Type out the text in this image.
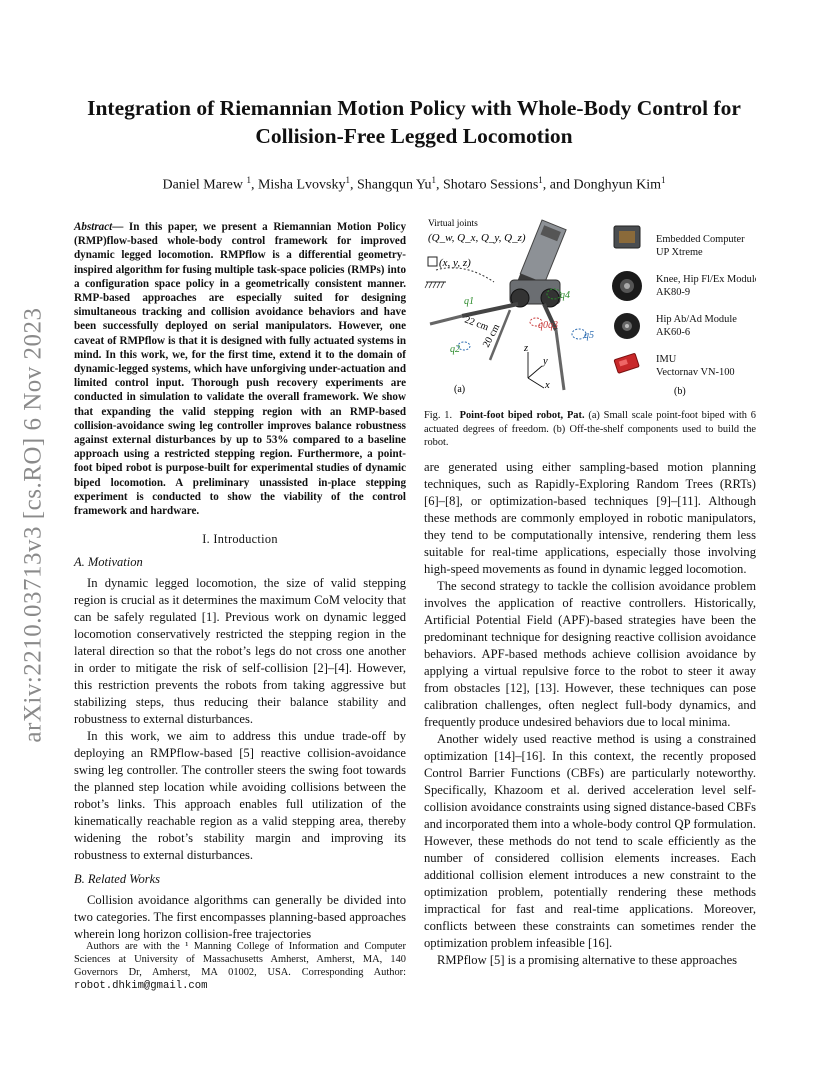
arXiv:2210.03713v3 [cs.RO] 6 Nov 2023
Integration of Riemannian Motion Policy with Whole-Body Control for
Collision-Free Legged Locomotion
Daniel Marew $^1$, Misha Lvovsky$^1$, Shangqun Yu$^1$, Shotaro Sessions$^1$, and Donghyun Kim$^1$
Abstract— In this paper, we present a Riemannian Motion Policy (RMP)flow-based whole-body control framework for improved dynamic legged locomotion. RMPflow is a differential geometry-inspired algorithm for fusing multiple task-space policies (RMPs) into a configuration space policy in a geometrically consistent manner. RMP-based approaches are especially suited for designing simultaneous tracking and collision avoidance behaviors and have been successfully deployed on serial manipulators. However, one caveat of RMPflow is that it is designed with fully actuated systems in mind. In this work, we, for the first time, extend it to the domain of dynamic-legged systems, which have unforgiving under-actuation and limited control input. Thorough push recovery experiments are conducted in simulation to validate the overall framework. We show that expanding the valid stepping region with an RMP-based collision-avoidance swing leg controller improves balance robustness against external disturbances by up to 53% compared to a baseline approach using a restricted stepping region. Furthermore, a point-foot biped robot is purpose-built for experimental studies of dynamic biped locomotion. A preliminary unassisted in-place stepping experiment is conducted to show the viability of the control framework and hardware.
I. Introduction
A. Motivation

In dynamic legged locomotion, the size of valid stepping region is crucial as it determines the maximum CoM velocity that can be safely regulated [1]. Previous work on dynamic legged locomotion conservatively restricted the stepping region in the lateral direction so that the robot’s legs do not cross one another in order to mitigate the risk of self-collision [2]–[4]. However, this restriction prevents the robots from taking aggressive but stabilizing steps, thus reducing their balance stability and robustness to external disturbances.

In this work, we aim to address this undue trade-off by deploying an RMPflow-based [5] reactive collision-avoidance swing leg controller. The controller steers the swing foot towards the planned step location while avoiding collisions between the robot’s links. This approach enables full utilization of the kinematically reachable region as a valid stepping area, thereby widening the robot’s stability margin and improving its robustness to external disturbances.

B. Related Works

Collision avoidance algorithms can generally be divided into two categories. The first encompasses planning-based approaches wherein long horizon collision-free trajectories

Authors are with the ¹ Manning College of Information and Computer Sciences at University of Massachusetts Amherst, Amherst, MA, 140 Governors Dr, Amherst, MA 01002, USA. Corresponding Author: robot.dhkim@gmail.com
Virtual joints
(Q_w, Q_x, Q_y, Q_z)
(x, y, z)
q1
q2
q0 q3
q4
q5
22 cm
20 cm z
y
x
(a)
Embedded Computer
UP Xtreme
Knee, Hip Fl/Ex Module
AK80-9
Hip Ab/Ad Module
AK60-6
IMU
Vectornav VN-100
(b)
Fig. 1. Point-foot biped robot, Pat. (a) Small scale point-foot biped with 6 actuated degrees of freedom. (b) Off-the-shelf components used to build the robot.

are generated using either sampling-based motion planning techniques, such as Rapidly-Exploring Random Trees (RRTs) [6]–[8], or optimization-based techniques [9]–[11]. Although these methods are commonly employed in robotic manipulators, they tend to be computationally intensive, rendering them less suitable for real-time applications, especially those involving high-speed movements as found in dynamic legged locomotion.

The second strategy to tackle the collision avoidance problem involves the application of reactive controllers. Historically, Artificial Potential Field (APF)-based strategies have been the predominant technique for designing reactive collision avoidance behaviors. APF-based methods achieve collision avoidance by applying a virtual repulsive force to the robot to steer it away from obstacles [12], [13]. However, these techniques can pose calibration challenges, often neglect full-body dynamics, and frequently produce undesired behaviors due to local minima.

Another widely used reactive method is using a constrained optimization [14]–[16]. In this context, the recently proposed Control Barrier Functions (CBFs) are particularly noteworthy. Specifically, Khazoom et al. derived acceleration level self-collision avoidance constraints using signed distance-based CBFs and incorporated them into a whole-body control QP formulation. However, these methods do not tend to scale efficiently as the number of considered collision elements increases. Each additional collision element introduces a new constraint to the optimization problem, potentially rendering these methods impractical for fast and real-time applications. Moreover, conflicts between these constraints can sometimes render the optimization problem infeasible [16].

RMPflow [5] is a promising alternative to these approaches
